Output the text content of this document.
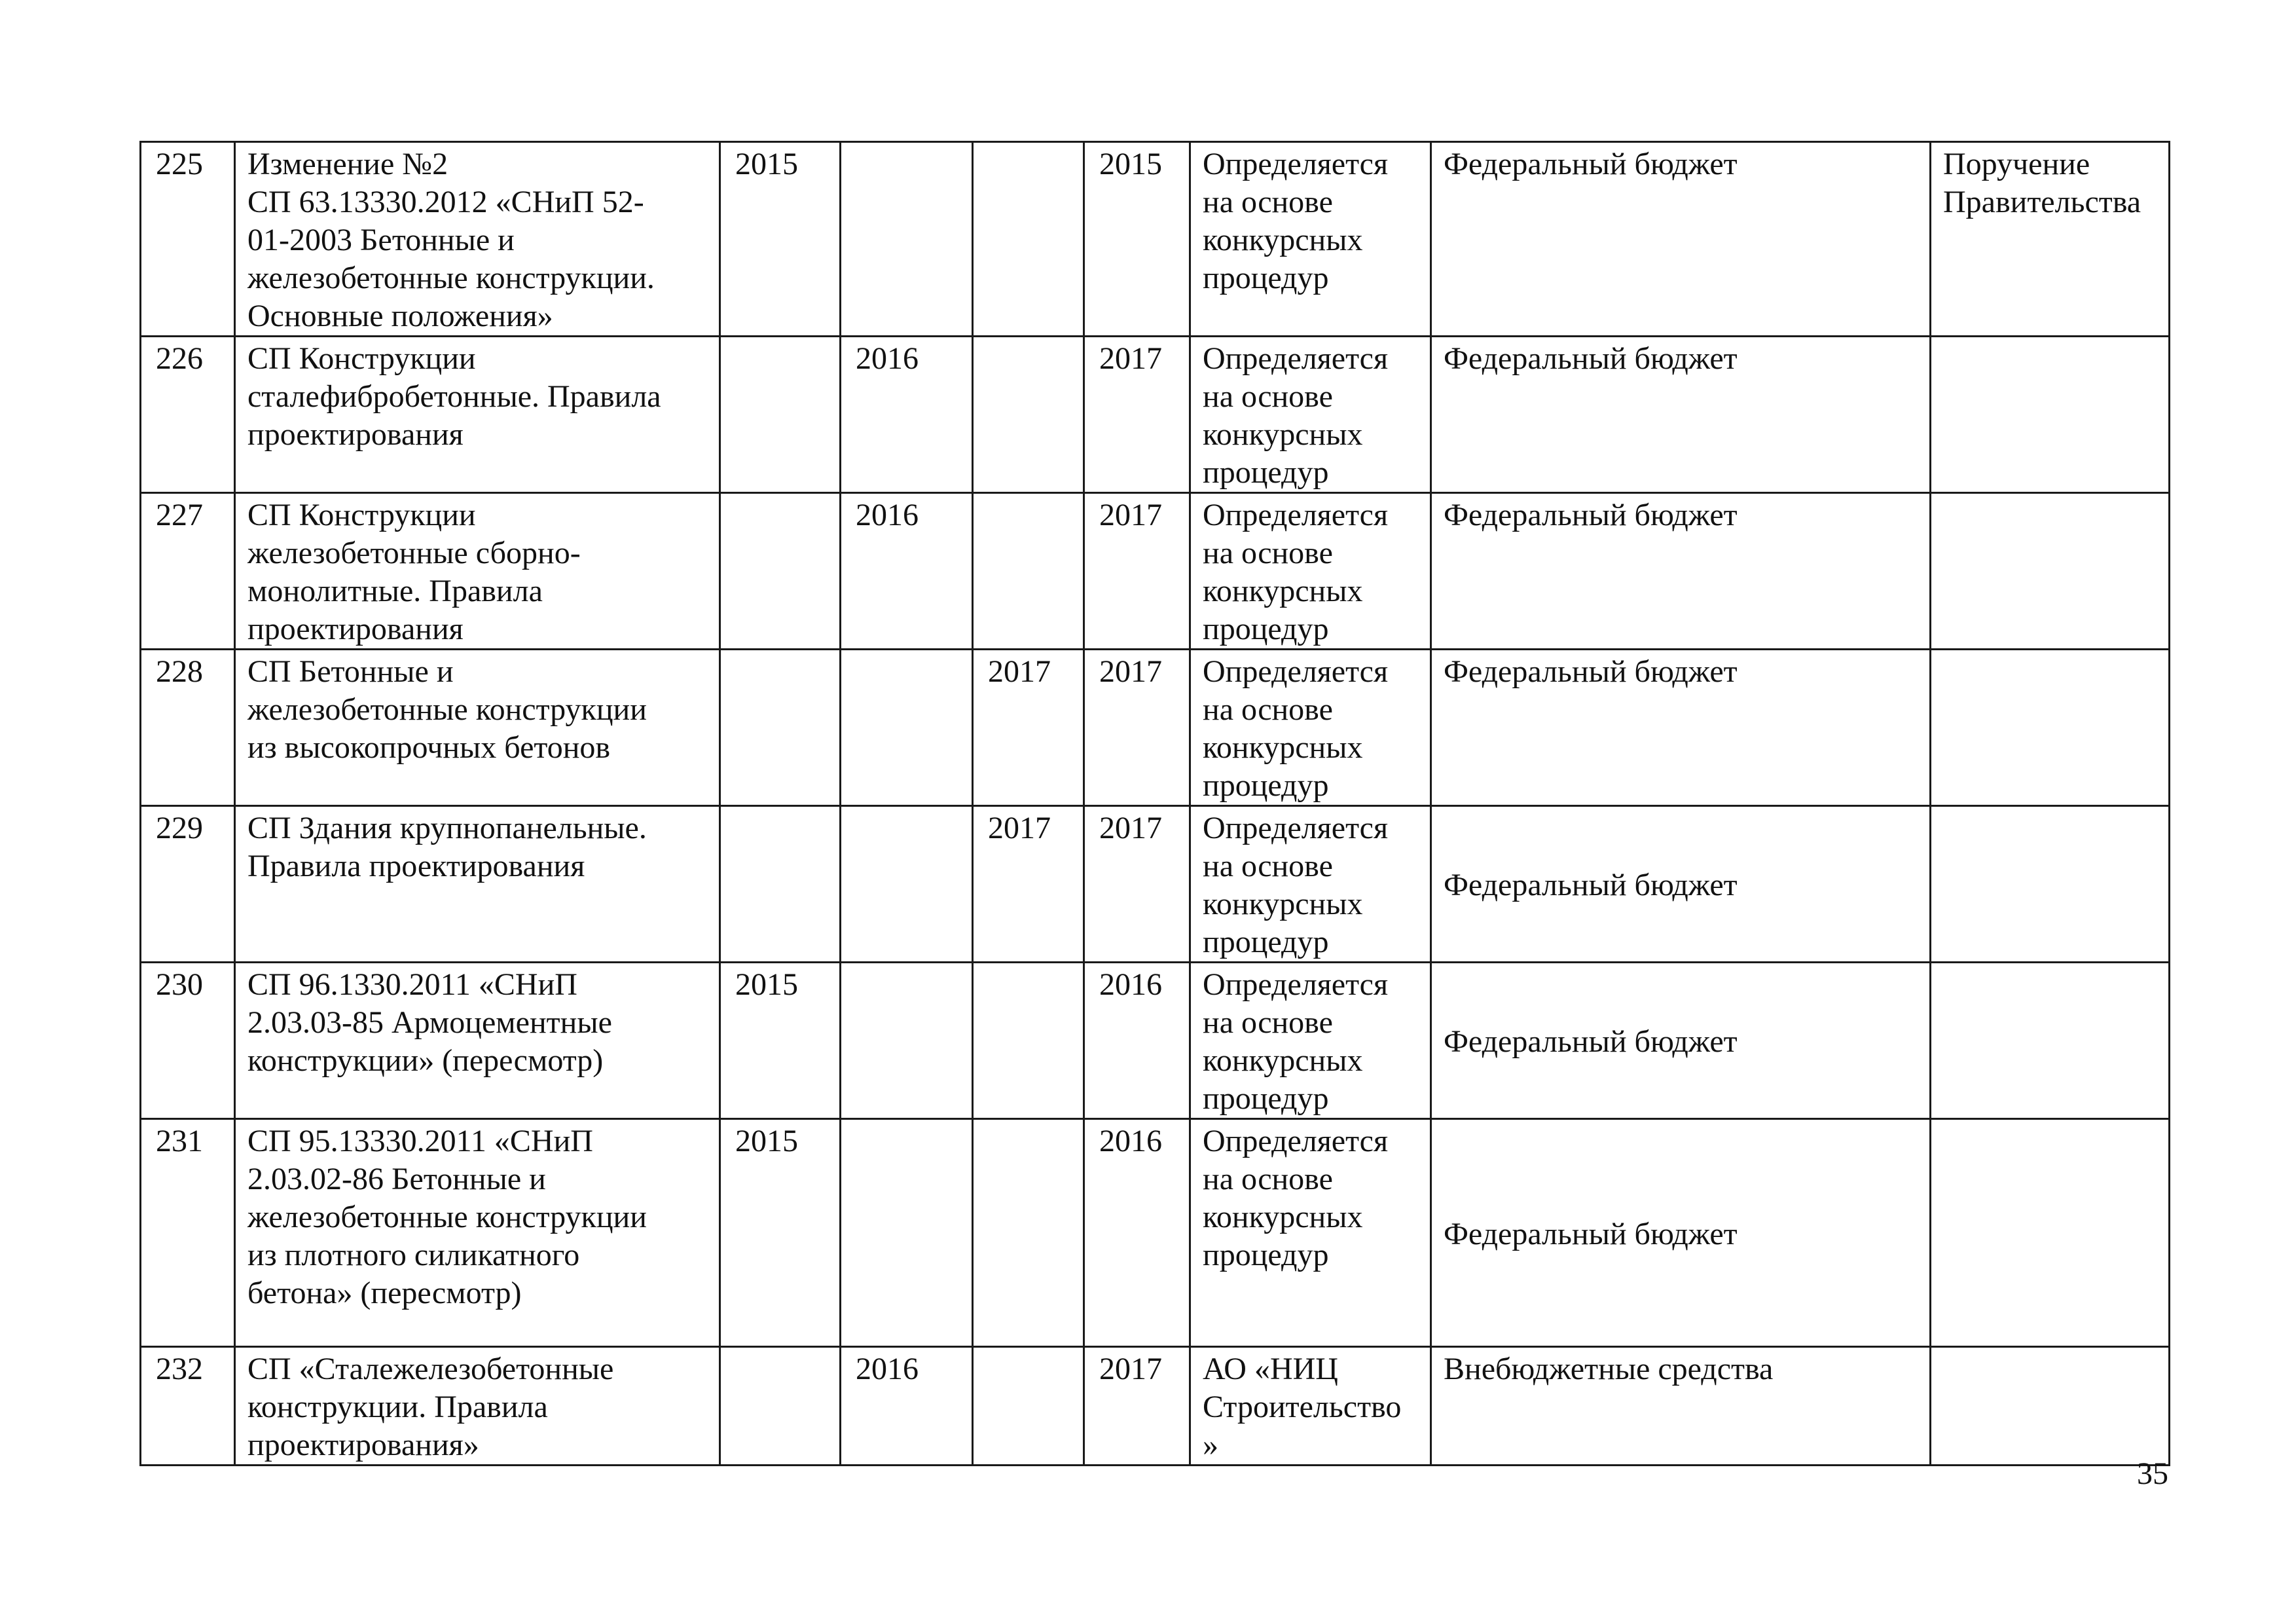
225	Изменение №2
СП 63.13330.2012 «СНиП 52-
01-2003 Бетонные и
железобетонные конструкции.
Основные положения»	2015			2015	Определяется
на основе
конкурсных
процедур	Федеральный бюджет	Поручение
Правительства
226	СП Конструкции
сталефибробетонные. Правила
проектирования		2016		2017	Определяется
на основе
конкурсных
процедур	Федеральный бюджет	
227	СП Конструкции
железобетонные сборно-
монолитные. Правила
проектирования		2016		2017	Определяется
на основе
конкурсных
процедур	Федеральный бюджет	
228	СП Бетонные и
железобетонные конструкции
из высокопрочных бетонов			2017	2017	Определяется
на основе
конкурсных
процедур	Федеральный бюджет	
229	СП Здания крупнопанельные.
Правила проектирования			2017	2017	Определяется
на основе
конкурсных
процедур	Федеральный бюджет	
230	СП 96.1330.2011 «СНиП
2.03.03-85 Армоцементные
конструкции» (пересмотр)	2015			2016	Определяется
на основе
конкурсных
процедур	Федеральный бюджет	
231	СП 95.13330.2011 «СНиП
2.03.02-86 Бетонные и
железобетонные конструкции
из плотного силикатного
бетона» (пересмотр)	2015			2016	Определяется
на основе
конкурсных
процедур	Федеральный бюджет	
232	СП «Сталежелезобетонные
конструкции. Правила
проектирования»		2016		2017	АО «НИЦ
Строительство
»	Внебюджетные средства	
35
